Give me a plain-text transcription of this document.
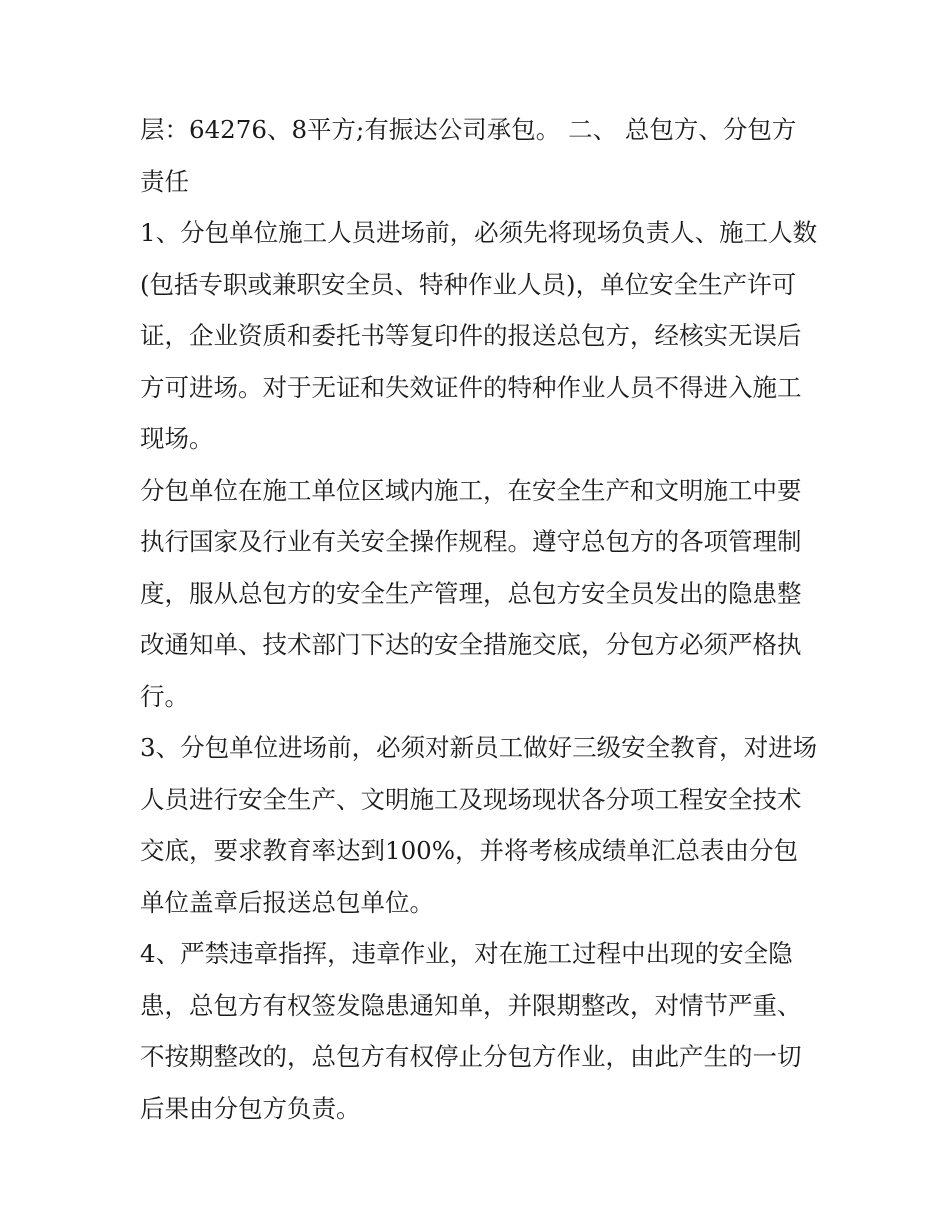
层：64276、8平方;有振达公司承包。 二、 总包方、分包方责任

1、分包单位施工人员进场前，必须先将现场负责人、施工人数(包括专职或兼职安全员、特种作业人员)，单位安全生产许可证，企业资质和委托书等复印件的报送总包方，经核实无误后方可进场。对于无证和失效证件的特种作业人员不得进入施工现场。

分包单位在施工单位区域内施工，在安全生产和文明施工中要执行国家及行业有关安全操作规程。遵守总包方的各项管理制度，服从总包方的安全生产管理，总包方安全员发出的隐患整改通知单、技术部门下达的安全措施交底，分包方必须严格执行。

3、分包单位进场前，必须对新员工做好三级安全教育，对进场人员进行安全生产、文明施工及现场现状各分项工程安全技术交底，要求教育率达到100%，并将考核成绩单汇总表由分包单位盖章后报送总包单位。

4、严禁违章指挥，违章作业，对在施工过程中出现的安全隐患，总包方有权签发隐患通知单，并限期整改，对情节严重、不按期整改的，总包方有权停止分包方作业，由此产生的一切后果由分包方负责。
